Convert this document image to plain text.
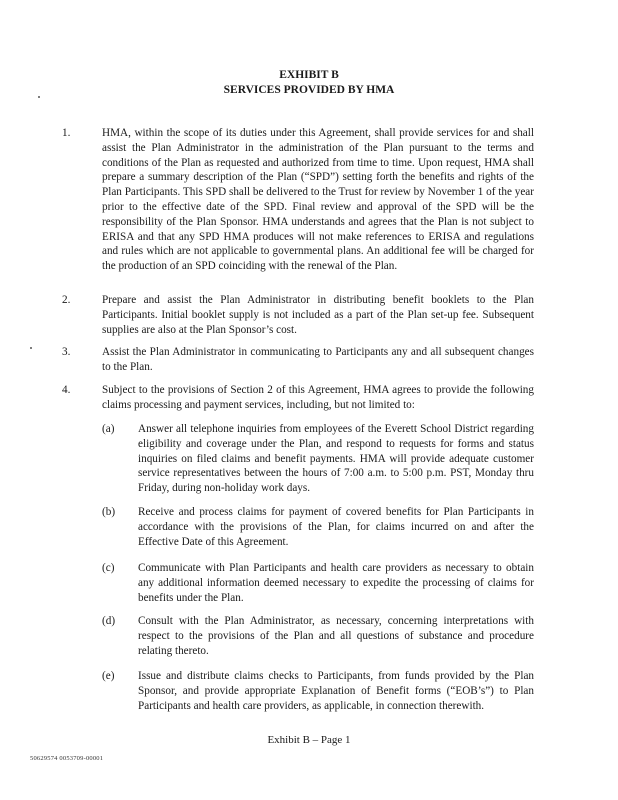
EXHIBIT B
SERVICES PROVIDED BY HMA
1.	HMA, within the scope of its duties under this Agreement, shall provide services for and shall assist the Plan Administrator in the administration of the Plan pursuant to the terms and conditions of the Plan as requested and authorized from time to time. Upon request, HMA shall prepare a summary description of the Plan (“SPD”) setting forth the benefits and rights of the Plan Participants. This SPD shall be delivered to the Trust for review by November 1 of the year prior to the effective date of the SPD. Final review and approval of the SPD will be the responsibility of the Plan Sponsor. HMA understands and agrees that the Plan is not subject to ERISA and that any SPD HMA produces will not make references to ERISA and regulations and rules which are not applicable to governmental plans. An additional fee will be charged for the production of an SPD coinciding with the renewal of the Plan.
2.	Prepare and assist the Plan Administrator in distributing benefit booklets to the Plan Participants. Initial booklet supply is not included as a part of the Plan set-up fee. Subsequent supplies are also at the Plan Sponsor’s cost.
3.	Assist the Plan Administrator in communicating to Participants any and all subsequent changes to the Plan.
4.	Subject to the provisions of Section 2 of this Agreement, HMA agrees to provide the following claims processing and payment services, including, but not limited to:
(a) Answer all telephone inquiries from employees of the Everett School District regarding eligibility and coverage under the Plan, and respond to requests for forms and status inquiries on filed claims and benefit payments. HMA will provide adequate customer service representatives between the hours of 7:00 a.m. to 5:00 p.m. PST, Monday thru Friday, during non-holiday work days.
(b) Receive and process claims for payment of covered benefits for Plan Participants in accordance with the provisions of the Plan, for claims incurred on and after the Effective Date of this Agreement.
(c) Communicate with Plan Participants and health care providers as necessary to obtain any additional information deemed necessary to expedite the processing of claims for benefits under the Plan.
(d) Consult with the Plan Administrator, as necessary, concerning interpretations with respect to the provisions of the Plan and all questions of substance and procedure relating thereto.
(e) Issue and distribute claims checks to Participants, from funds provided by the Plan Sponsor, and provide appropriate Explanation of Benefit forms (“EOB’s”) to Plan Participants and health care providers, as applicable, in connection therewith.
Exhibit B – Page 1
50629574 0053709-00001
